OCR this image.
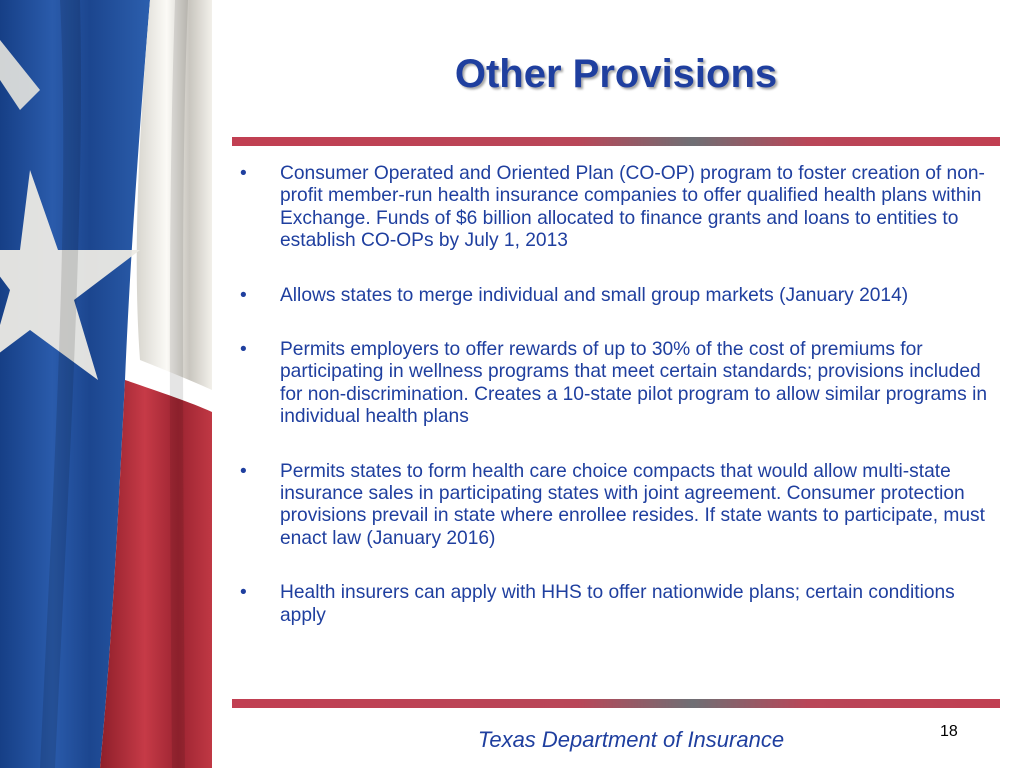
Other Provisions
•	Consumer Operated and Oriented Plan (CO-OP) program to foster creation of non-profit member-run health insurance companies to offer qualified health plans within Exchange. Funds of $6 billion allocated to finance grants and loans to entities to establish CO-OPs by July 1, 2013
•	Allows states to merge individual and small group markets (January 2014)
•	Permits employers to offer rewards of up to 30% of the cost of premiums for participating in wellness programs that meet certain standards; provisions included for non-discrimination. Creates a 10-state pilot program to allow similar programs in individual health plans
•	Permits states to form health care choice compacts that would allow multi-state insurance sales in participating states with joint agreement. Consumer protection provisions prevail in state where enrollee resides. If state wants to participate, must enact law (January 2016)
•	Health insurers can apply with HHS to offer nationwide plans; certain conditions apply
Texas Department of Insurance	18
